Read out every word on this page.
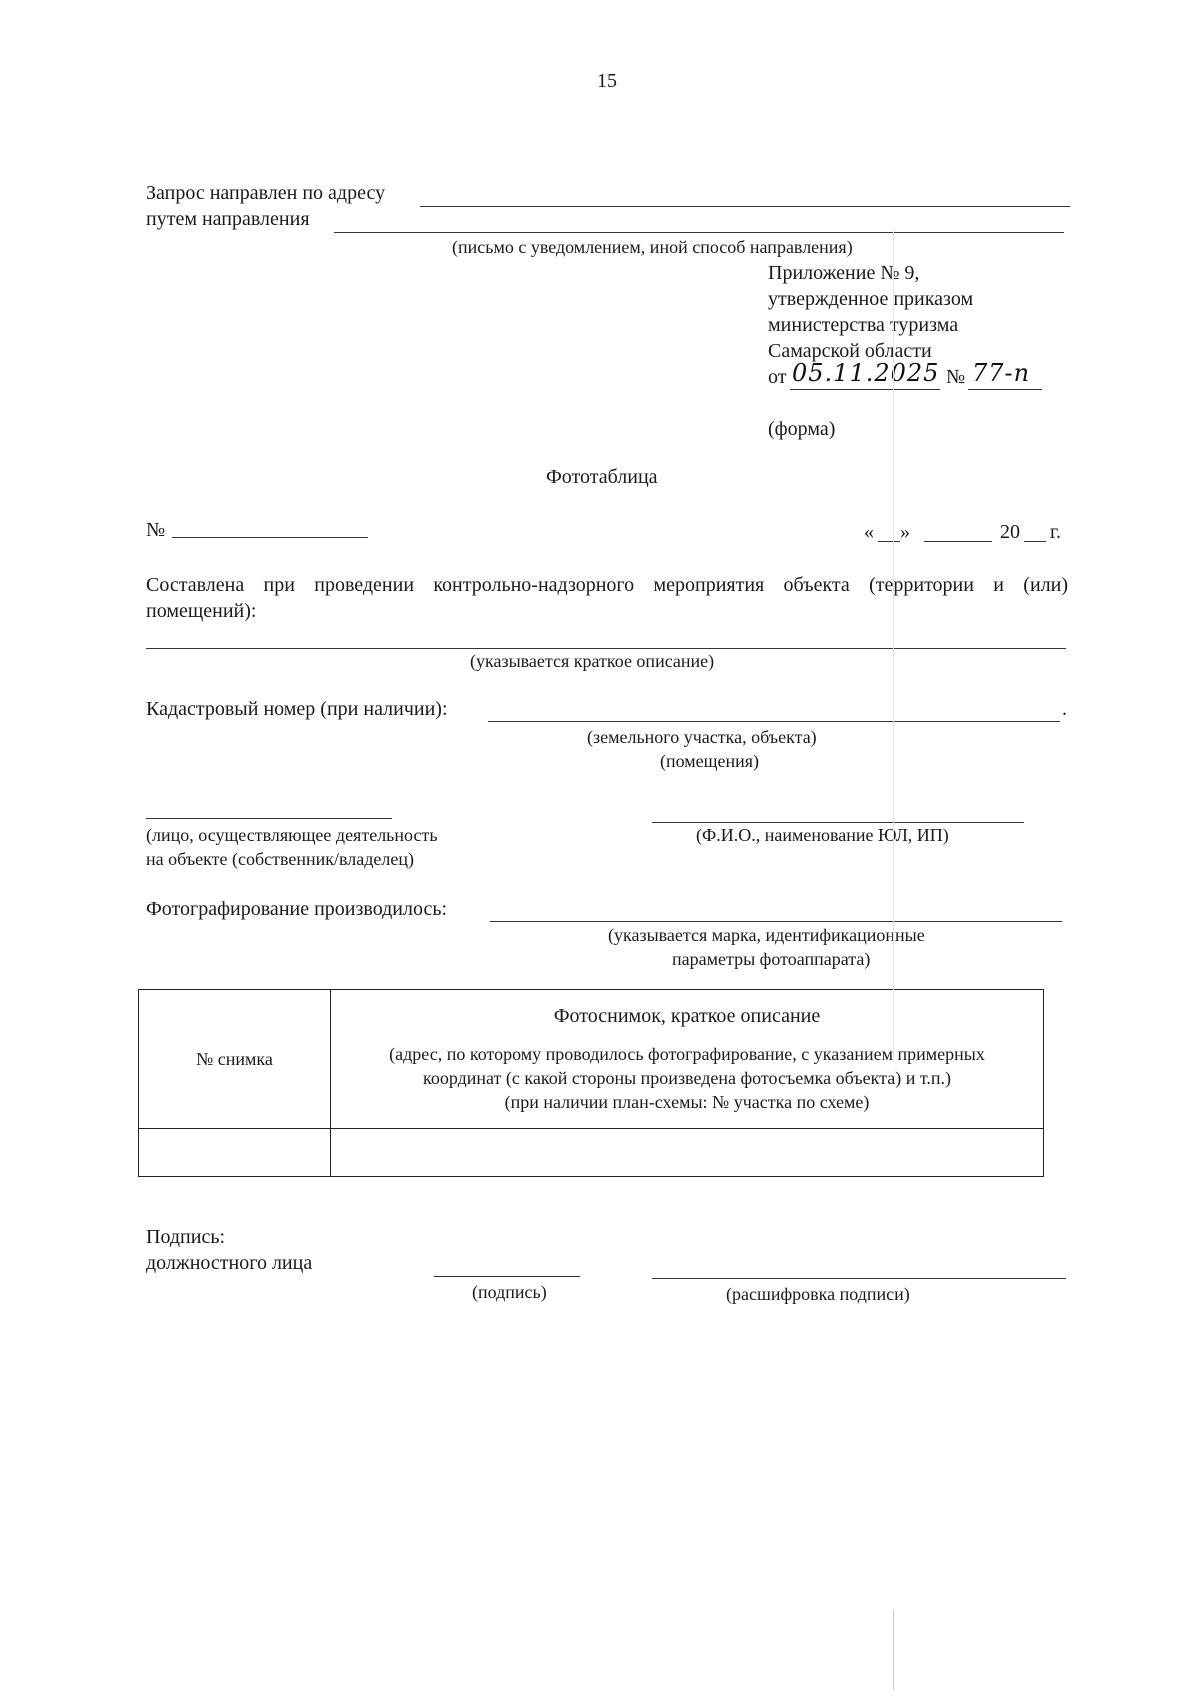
15
Запрос направлен по адресу
путем направления
(письмо с уведомлением, иной способ направления)
Приложение № 9,
утвержденное приказом
министерства туризма
Самарской области
от 05.11.2025 № 77-п
(форма)
Фототаблица
№	« »	20 г.
Составлена при проведении контрольно-надзорного мероприятия объекта (территории и (или) помещений):
(указывается краткое описание)
Кадастровый номер (при наличии):	.
(земельного участка, объекта)
(помещения)
(лицо, осуществляющее деятельность
на объекте (собственник/владелец)
(Ф.И.О., наименование ЮЛ, ИП)
Фотографирование производилось:
(указывается марка, идентификационные
параметры фотоаппарата)
№ снимка	Фотоснимок, краткое описание
(адрес, по которому проводилось фотографирование, с указанием примерных
координат (с какой стороны произведена фотосъемка объекта) и т.п.)
(при наличии план-схемы: № участка по схеме)

Подпись:
должностного лица
(подпись)	(расшифровка подписи)
